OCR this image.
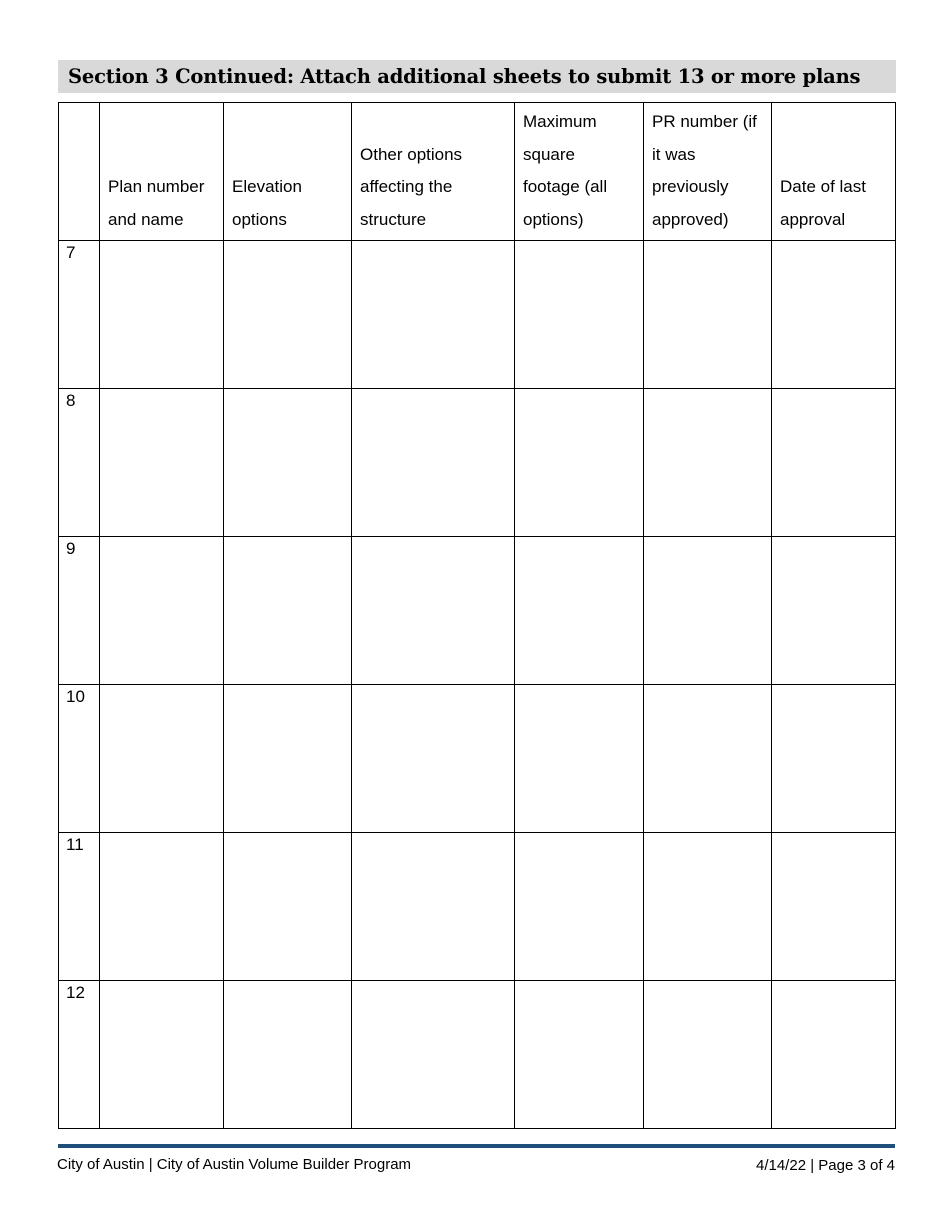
Section 3 Continued: Attach additional sheets to submit 13 or more plans
	Plan number and name	Elevation options	Other options affecting the structure	Maximum square footage (all options)	PR number (if it was previously approved)	Date of last approval
7						
8						
9						
10						
11						
12						
City of Austin | City of Austin Volume Builder Program	4/14/22 | Page 3 of 4
